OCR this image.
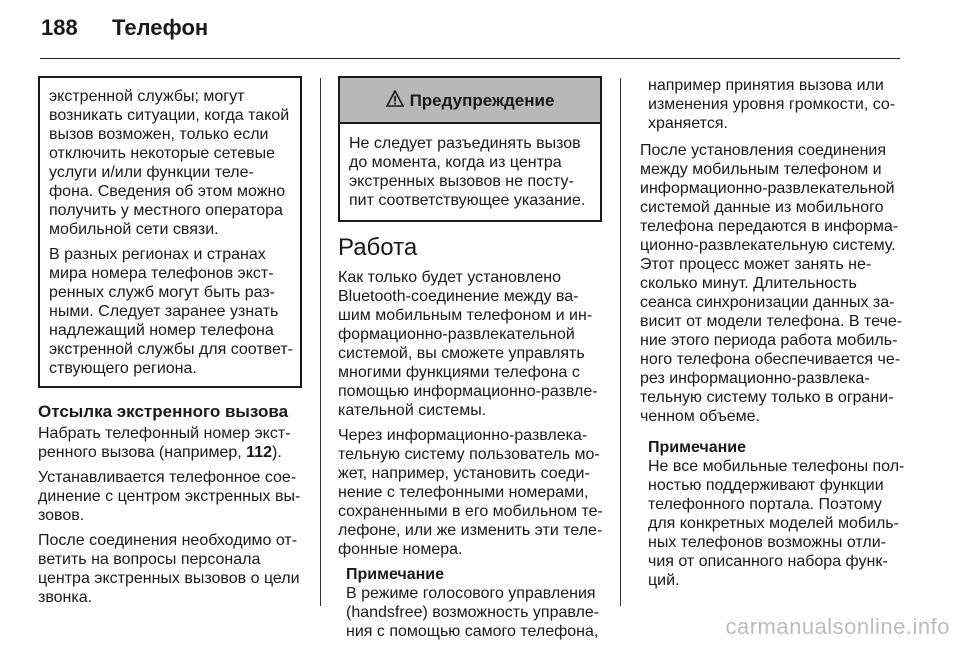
188 Телефон

экстренной службы; могут
возникать ситуации, когда такой
вызов возможен, только если
отключить некоторые сетевые
услуги и/или функции теле-
фона. Сведения об этом можно
получить у местного оператора
мобильной сети связи.

В разных регионах и странах
мира номера телефонов экст-
ренных служб могут быть раз-
ными. Следует заранее узнать
надлежащий номер телефона
экстренной службы для соответ-
ствующего региона.

Отсылка экстренного вызова

Набрать телефонный номер экст-
ренного вызова (например, 112).

Устанавливается телефонное сое-
динение с центром экстренных вы-
зовов.

После соединения необходимо от-
ветить на вопросы персонала
центра экстренных вызовов о цели
звонка.

Предупреждение
Не следует разъединять вызов
до момента, когда из центра
экстренных вызовов не посту-
пит соответствующее указание.
Работа

Как только будет установлено
Bluetooth-соединение между ва-
шим мобильным телефоном и ин-
формационно-развлекательной
системой, вы сможете управлять
многими функциями телефона с
помощью информационно-развле-
кательной системы.

Через информационно-развлека-
тельную систему пользователь мо-
жет, например, установить соеди-
нение с телефонными номерами,
сохраненными в его мобильном те-
лефоне, или же изменить эти теле-
фонные номера.

Примечание
В режиме голосового управления
(handsfree) возможность управле-
ния с помощью самого телефона,
например принятия вызова или
изменения уровня громкости, со-
храняется.

После установления соединения
между мобильным телефоном и
информационно-развлекательной
системой данные из мобильного
телефона передаются в информа-
ционно-развлекательную систему.
Этот процесс может занять не-
сколько минут. Длительность
сеанса синхронизации данных за-
висит от модели телефона. В тече-
ние этого периода работа мобиль-
ного телефона обеспечивается че-
рез информационно-развлека-
тельную систему только в ограни-
ченном объеме.

Примечание
Не все мобильные телефоны пол-
ностью поддерживают функции
телефонного портала. Поэтому
для конкретных моделей мобиль-
ных телефонов возможны отли-
чия от описанного набора функ-
ций.
carmanualsonline.info
